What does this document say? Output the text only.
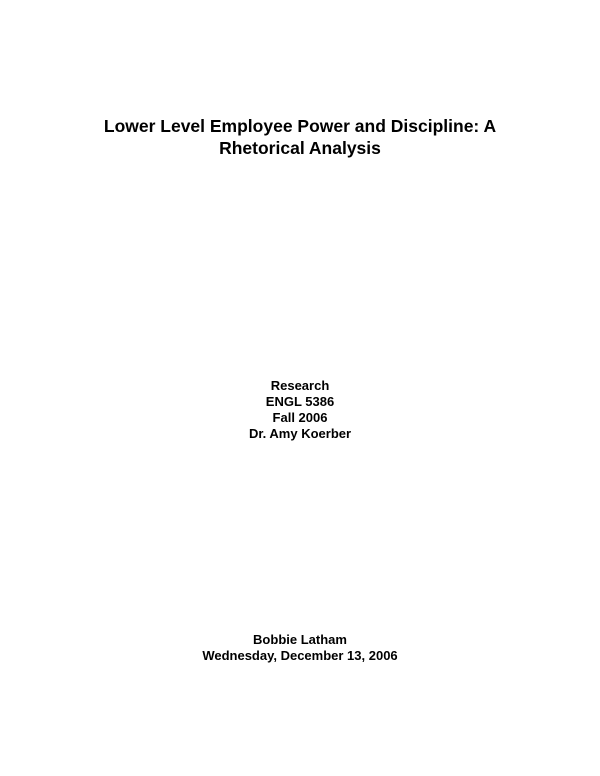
Lower Level Employee Power and Discipline: A
Rhetorical Analysis
Research
ENGL 5386
Fall 2006
Dr. Amy Koerber
Bobbie Latham
Wednesday, December 13, 2006
